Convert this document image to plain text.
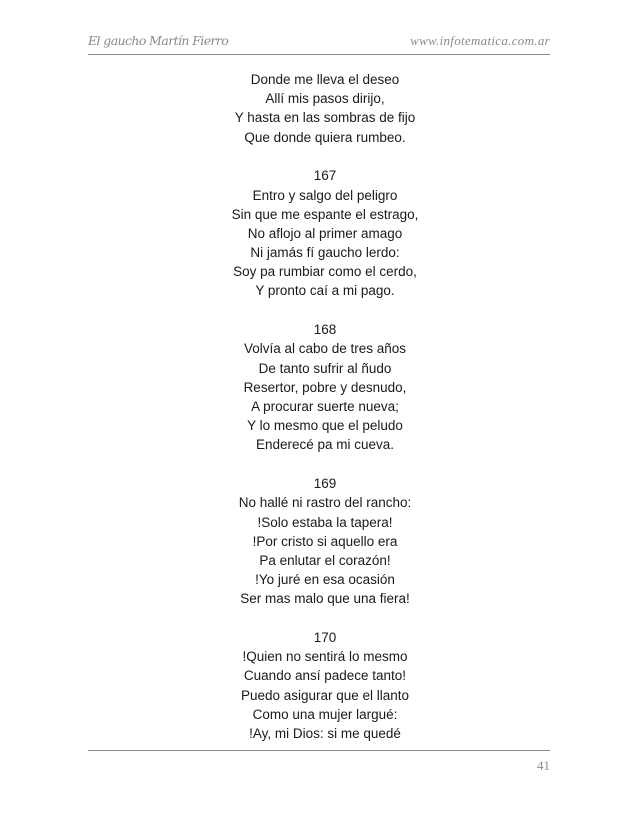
El gaucho Martín Fierro	www.infotematica.com.ar
Donde me lleva el deseo
Allí mis pasos dirijo,
Y hasta en las sombras de fijo
Que donde quiera rumbeo.
167
Entro y salgo del peligro
Sin que me espante el estrago,
No aflojo al primer amago
Ni jamás fí gaucho lerdo:
Soy pa rumbiar como el cerdo,
Y pronto caí a mi pago.
168
Volvía al cabo de tres años
De tanto sufrir al ñudo
Resertor, pobre y desnudo,
A procurar suerte nueva;
Y lo mesmo que el peludo
Enderecé pa mi cueva.
169
No hallé ni rastro del rancho:
!Solo estaba la tapera!
!Por cristo si aquello era
Pa enlutar el corazón!
!Yo juré en esa ocasión
Ser mas malo que una fiera!
170
!Quien no sentirá lo mesmo
Cuando ansí padece tanto!
Puedo asigurar que el llanto
Como una mujer largué:
!Ay, mi Dios: si me quedé
41
